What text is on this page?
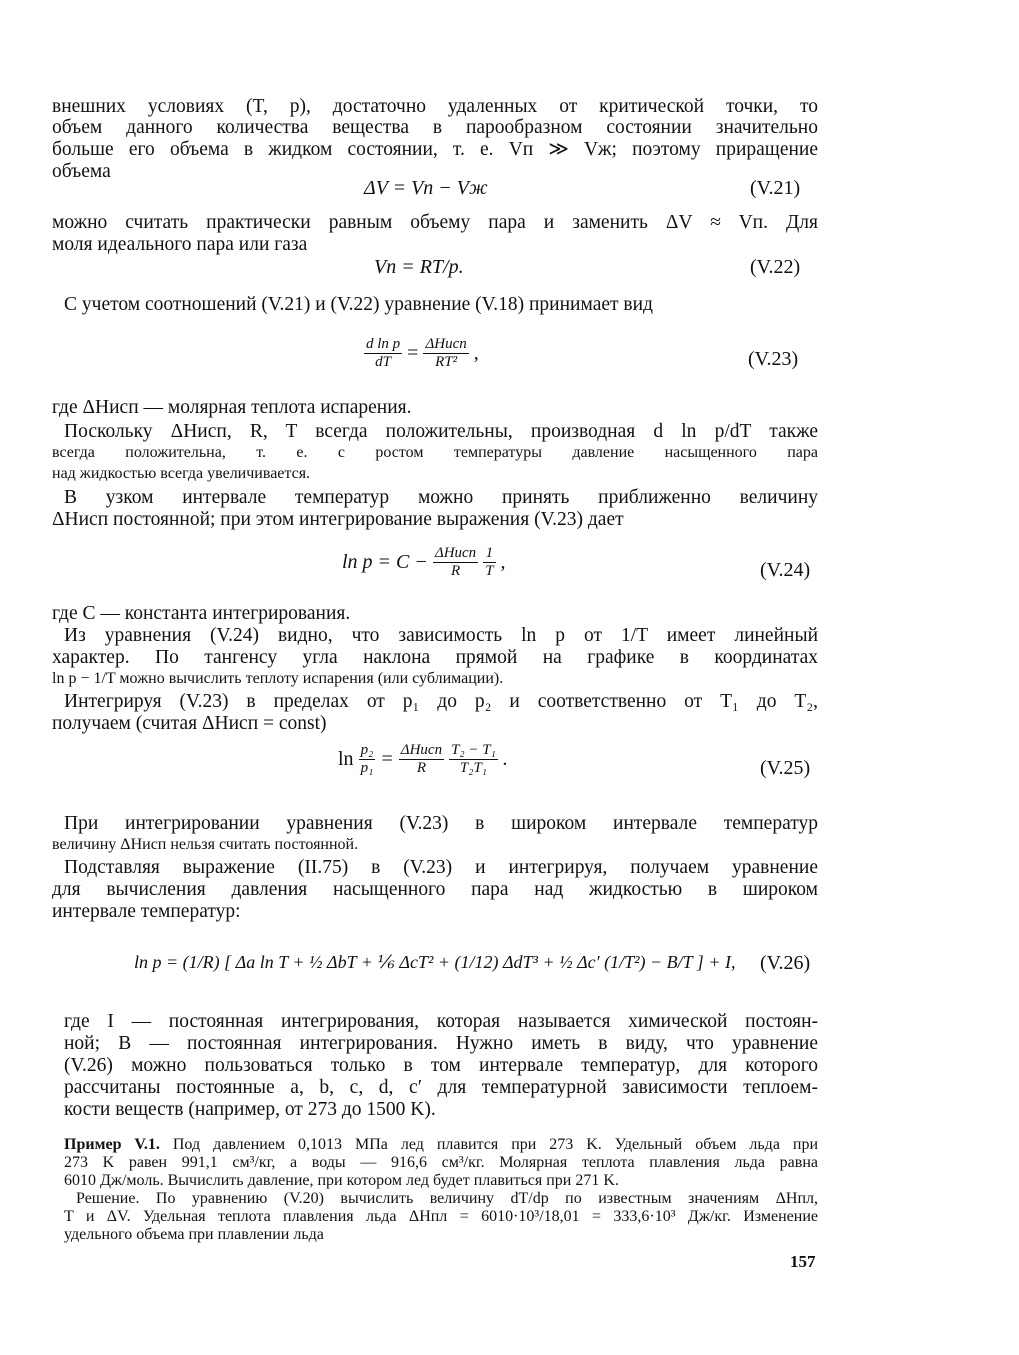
внешних условиях (T, p), достаточно удаленных от критической точки, то
объем данного количества вещества в парообразном состоянии значительно
больше его объема в жидком состоянии, т. е. Vп ≫ Vж; поэтому приращение
объема
ΔV = Vп − Vж	(V.21)
можно считать практически равным объему пара и заменить ΔV ≈ Vп. Для
моля идеального пара или газа
Vп = RT/p.	(V.22)
С учетом соотношений (V.21) и (V.22) уравнение (V.18) принимает вид
$\frac{\text{d ln p}}{dT} = \frac{\text{ΔHисп}}{\text{RT²}}$ ,	(V.23)
где ΔHисп — молярная теплота испарения.
Поскольку ΔHисп, R, T всегда положительны, производная d ln p/dT также
всегда положительна, т. е. с ростом температуры давление насыщенного пара
над жидкостью всегда увеличивается.
В узком интервале температур можно принять приближенно величину
ΔHисп постоянной; при этом интегрирование выражения (V.23) дает
$\ln p = C - \frac{\text{ΔHисп}}{R}$
$\frac{1}{T}$ ,	(V.24)
где C — константа интегрирования.
Из уравнения (V.24) видно, что зависимость ln p от 1/T имеет линейный
характер. По тангенсу угла наклона прямой на графике в координатах
ln p − 1/T можно вычислить теплоту испарения (или сублимации).
Интегрируя (V.23) в пределах от p₁ до p₂ и соответственно от T₁ до T₂,
получаем (считая ΔHисп = const)
$\ln \frac{\text{p₂}}{\text{p₁}} = \frac{\text{ΔHисп}}{R}$
$\frac{\text{T₂ − T₁}}{\text{T₂T₁}}$ .	(V.25)
При интегрировании уравнения (V.23) в широком интервале температур
величину ΔHисп нельзя считать постоянной.
Подставляя выражение (II.75) в (V.23) и интегрируя, получаем уравнение
для вычисления давления насыщенного пара над жидкостью в широком
интервале температур:
ln p = (1/R) [ Δa ln T + ½ ΔbT + ⅙ ΔcT² + (1/12) ΔdT³ + ½ Δc′ (1/T²) − B/T ] + I, (V.26)
где I — постоянная интегрирования, которая называется химической постоян-
ной; B — постоянная интегрирования. Нужно иметь в виду, что уравнение
(V.26) можно пользоваться только в том интервале температур, для которого
рассчитаны постоянные a, b, c, d, c′ для температурной зависимости теплоем-
кости веществ (например, от 273 до 1500 K).
Пример V.1. Под давлением 0,1013 МПа лед плавится при 273 K. Удельный объем льда при
273 K равен 991,1 см³/кг, а воды — 916,6 см³/кг. Молярная теплота плавления льда равна
6010 Дж/моль. Вычислить давление, при котором лед будет плавиться при 271 K.
Решение. По уравнению (V.20) вычислить величину dT/dp по известным значениям ΔHпл,
T и ΔV. Удельная теплота плавления льда ΔHпл = 6010·10³/18,01 = 333,6·10³ Дж/кг. Изменение
удельного объема при плавлении льда
157
